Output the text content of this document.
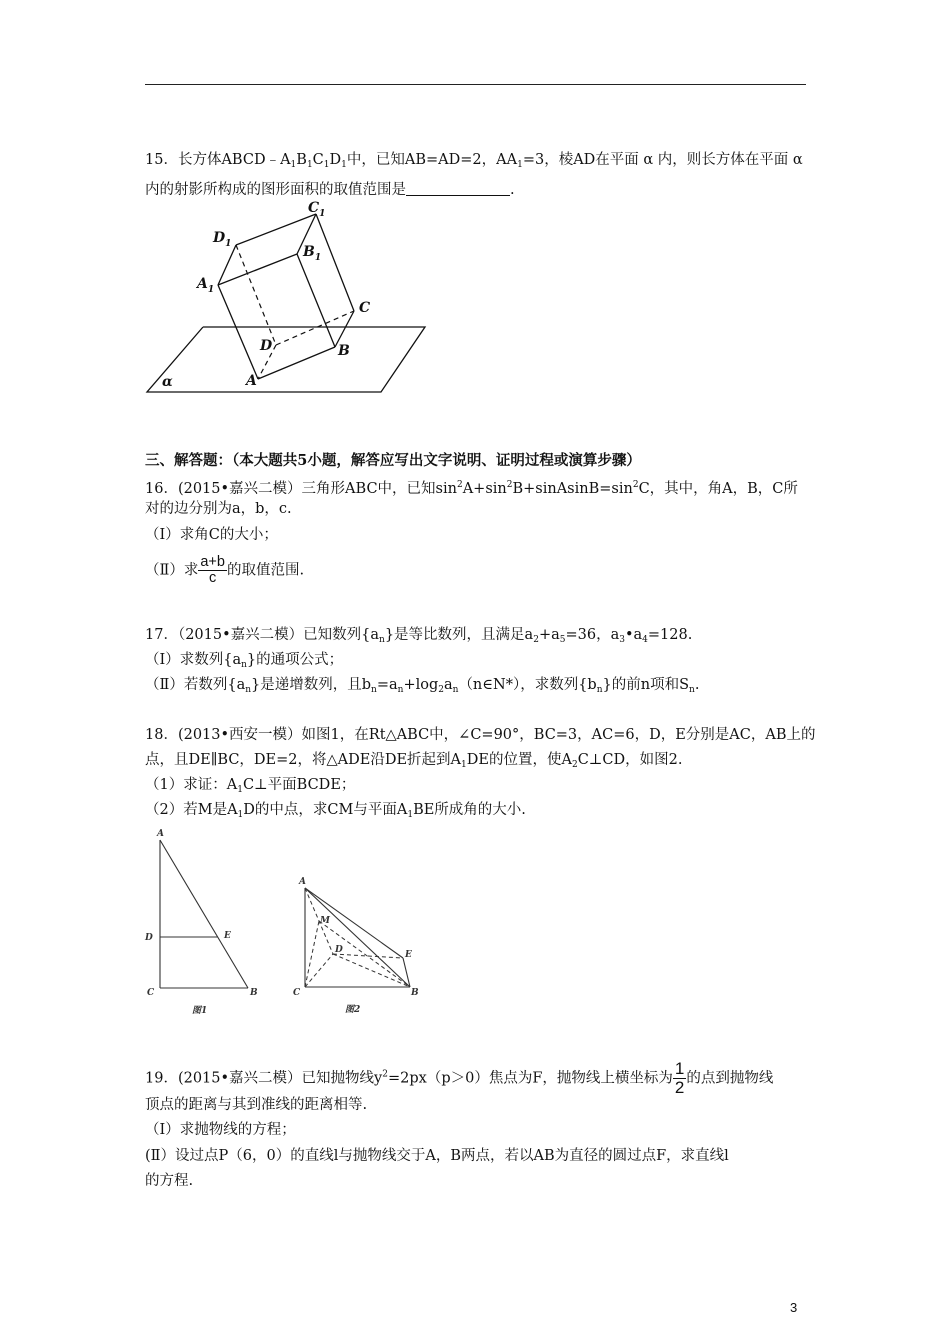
15．长方体$ABCD﹣A_1B_1C_1D_1$中，已知AB=AD=2，$AA_1=3$，棱AD在平面 α 内，则长方体在平面 α
内的射影所构成的图形面积的取值范围是	.
$C_1$
$D_1$	$B_1$
$A_1$
C
D	B
A
α
三、解答题：（本大题共5小题，解答应写出文字说明、证明过程或演算步骤）
16．(2015•嘉兴二模）三角形ABC中，已知$\sin^2A+\sin^2B+sinAsinB=\sin^2C$，其中，角A，B，C所
对的边分别为a，b，c.
（Ⅰ）求角C的大小；
（Ⅱ）求 $\frac{a+b}{c}$ 的取值范围.
17．（2015•嘉兴二模）已知数列$\{a_n\}$是等比数列，且满足$a_2+a_5=36$，$a_3•a_4=128$.
（Ⅰ）求数列$\{a_n\}$的通项公式；
（Ⅱ）若数列$\{a_n\}$是递增数列，且$b_n=a_n+\log_2a_n(n\in N*)$，求数列$\{b_n\}$的前n项和$S_n$.
18．(2013•西安一模）如图1，在Rt△ABC中，∠C=90°，BC=3，AC=6，D，E分别是AC，AB上的
点，且DE∥BC，DE=2，将△ADE沿DE折起到$A_1DE$的位置，使$A_2C\perp CD$，如图2.
（1）求证：$A_1C\perp$平面BCDE；
（2）若M是$A_1D$的中点，求CM与平面$A_1BE$所成角的大小.
A
D	E
C	B
图1
A
M
D	E
C	B
图2
19．(2015•嘉兴二模）已知抛物线$y^2=2px(p>0)$焦点为F，抛物线上横坐标为 $\frac{1}{2}$ 的点到抛物线
顶点的距离与其到准线的距离相等.
（Ⅰ）求抛物线的方程；
(Ⅱ）设过点P（6，0）的直线l与抛物线交于A，B两点，若以AB为直径的圆过点F，求直线l
的方程.
3
